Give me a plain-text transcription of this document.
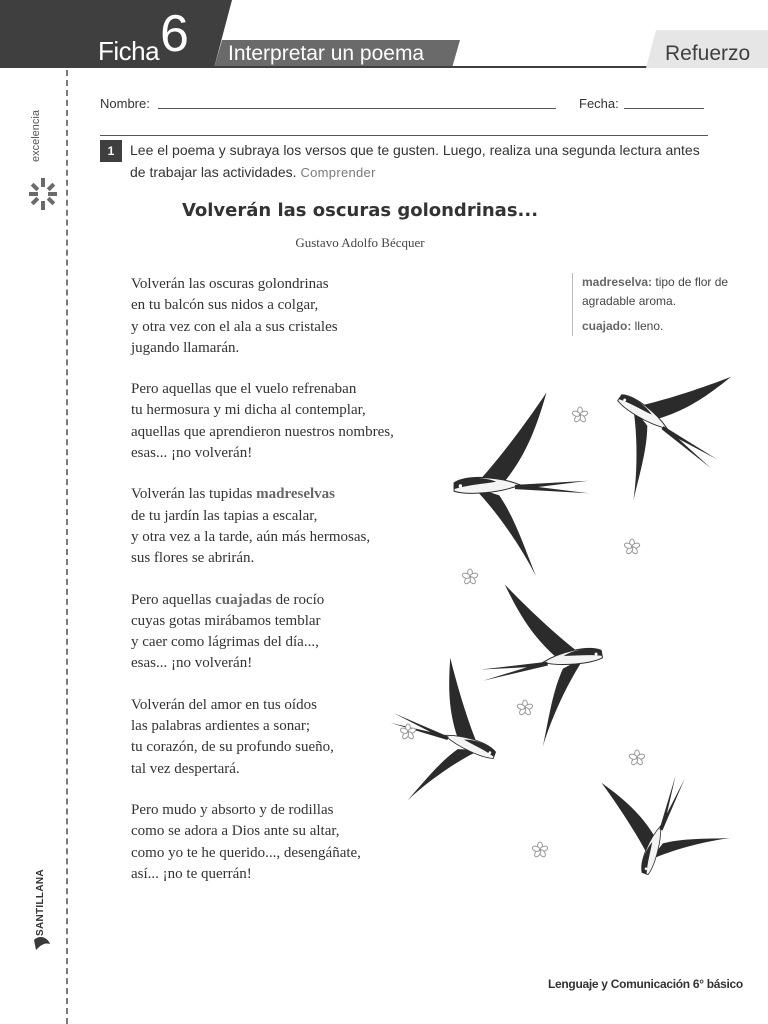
Ficha 6 Interpretar un poema	Refuerzo
excelencia
SANTILLANA
Nombre:	Fecha:
1	Lee el poema y subraya los versos que te gusten. Luego, realiza una segunda lectura antes de trabajar las actividades. Comprender
Volverán las oscuras golondrinas...
Gustavo Adolfo Bécquer
Volverán las oscuras golondrinas
en tu balcón sus nidos a colgar,
y otra vez con el ala a sus cristales
jugando llamarán.
Pero aquellas que el vuelo refrenaban
tu hermosura y mi dicha al contemplar,
aquellas que aprendieron nuestros nombres,
esas... ¡no volverán!
Volverán las tupidas madreselvas
de tu jardín las tapias a escalar,
y otra vez a la tarde, aún más hermosas,
sus flores se abrirán.
Pero aquellas cuajadas de rocío
cuyas gotas mirábamos temblar
y caer como lágrimas del día...,
esas... ¡no volverán!
Volverán del amor en tus oídos
las palabras ardientes a sonar;
tu corazón, de su profundo sueño,
tal vez despertará.
Pero mudo y absorto y de rodillas
como se adora a Dios ante su altar,
como yo te he querido..., desengáñate,
así... ¡no te querrán!
madreselva: tipo de flor de agradable aroma.
cuajado: lleno.
Lenguaje y Comunicación 6° básico
